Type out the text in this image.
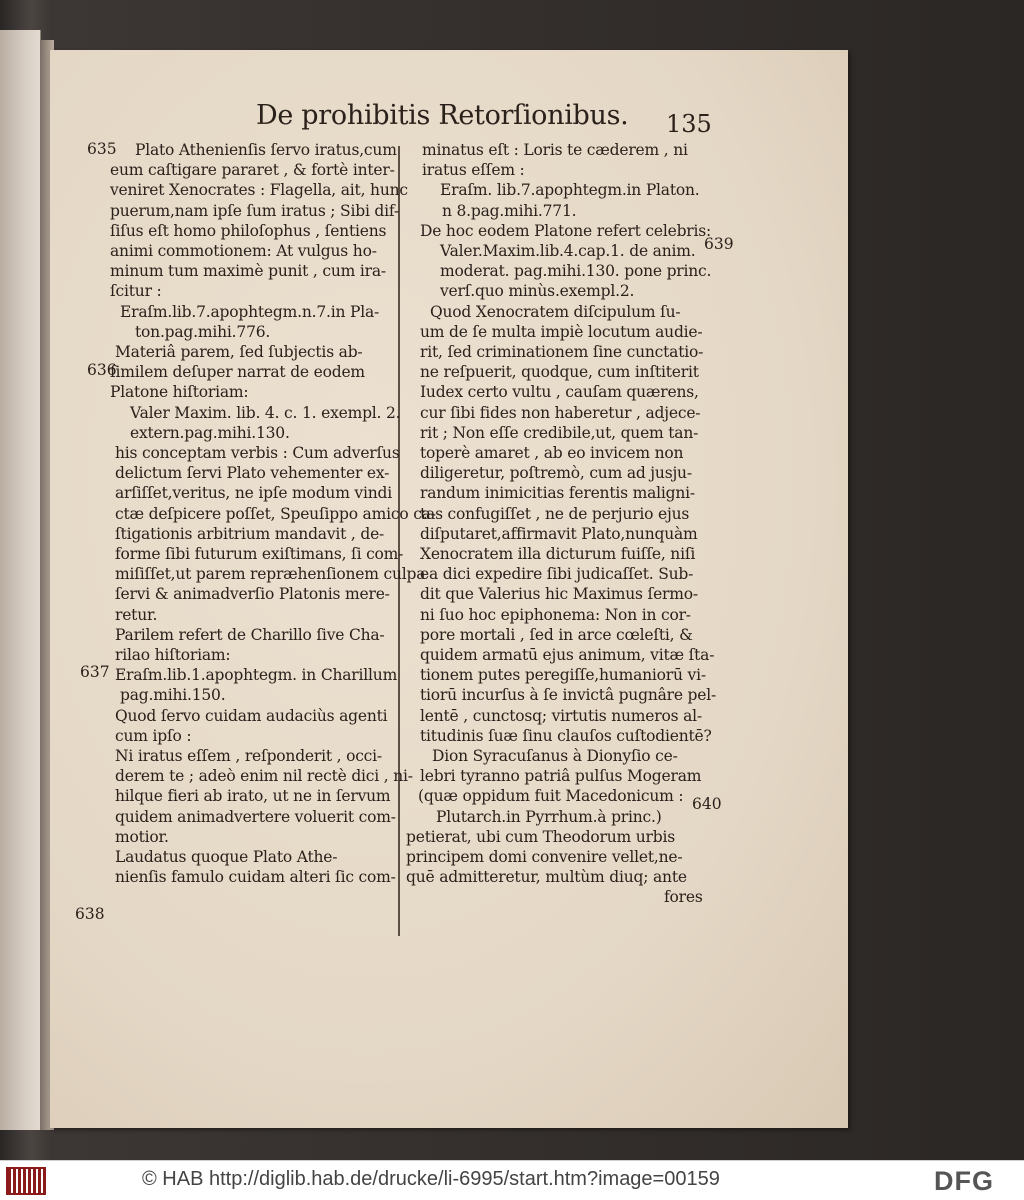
De prohibitis Retorſionibus. 135
635
636
637
638
Plato Athenienſis ſervo iratus,cum
eum caſtigare pararet , & fortè inter-
veniret Xenocrates : Flagella, ait, hunc
puerum,nam ipſe ſum iratus ; Sibi dif-
ſiſus eſt homo philoſophus , ſentiens
animi commotionem: At vulgus ho-
minum tum maximè punit , cum ira-
ſcitur :
Eraſm.lib.7.apophtegm.n.7.in Pla-
ton.pag.mihi.776.
Materiâ parem, ſed ſubjectis ab-
ſimilem deſuper narrat de eodem
Platone hiſtoriam:
Valer Maxim. lib. 4. c. 1. exempl. 2.
extern.pag.mihi.130.
his conceptam verbis : Cum adverſus
delictum ſervi Plato vehementer ex-
arſiſſet,veritus, ne ipſe modum vindi
ctæ deſpicere poſſet, Speuſippo amico ca-
ſtigationis arbitrium mandavit , de-
forme ſibi futurum exiſtimans, ſi com-
miſiſſet,ut parem repræhenſionem culpa
ſervi & animadverſio Platonis mere-
retur.
Parilem refert de Charillo ſive Cha-
rilao hiſtoriam:
Eraſm.lib.1.apophtegm. in Charillum
pag.mihi.150.
Quod ſervo cuidam audaciùs agenti
cum ipſo :
Ni iratus eſſem , reſponderit , occi-
derem te ; adeò enim nil rectè dici , ni-
hilque fieri ab irato, ut ne in ſervum
quidem animadvertere voluerit com-
motior.
Laudatus quoque Plato Athe-
nienſis famulo cuidam alteri ſic com-
639
640
minatus eſt : Loris te cæderem , ni
iratus eſſem :
Eraſm. lib.7.apophtegm.in Platon.
n 8.pag.mihi.771.
De hoc eodem Platone refert celebris:
Valer.Maxim.lib.4.cap.1. de anim.
moderat. pag.mihi.130. pone princ.
verſ.quo minùs.exempl.2.
Quod Xenocratem diſcipulum ſu-
um de ſe multa impiè locutum audie-
rit, ſed criminationem ſine cunctatio-
ne reſpuerit, quodque, cum inſtiterit
Iudex certo vultu , cauſam quærens,
cur ſibi fides non haberetur , adjece-
rit ; Non eſſe credibile,ut, quem tan-
toperè amaret , ab eo invicem non
diligeretur, poſtremò, cum ad jusju-
randum inimicitias ferentis maligni-
tas confugiſſet , ne de perjurio ejus
diſputaret,affirmavit Plato,nunquàm
Xenocratem illa dicturum fuiſſe, niſi
ea dici expedire ſibi judicaſſet. Sub-
dit que Valerius hic Maximus ſermo-
ni ſuo hoc epiphonema: Non in cor-
pore mortali , ſed in arce cœleſti, &
quidem armatū ejus animum, vitæ ſta-
tionem putes peregiſſe,humaniorū vi-
tiorū incurſus à ſe invictâ pugnâre pel-
lentē , cunctosq; virtutis numeros al-
titudinis ſuæ ſinu clauſos cuſtodientē?
Dion Syracuſanus à Dionyſio ce-
lebri tyranno patriâ pulſus Mogeram
(quæ oppidum fuit Macedonicum :
Plutarch.in Pyrrhum.à princ.)
petierat, ubi cum Theodorum urbis
principem domi convenire vellet,ne-
quē admitteretur, multùm diuq; ante
fores
© HAB http://diglib.hab.de/drucke/li-6995/start.htm?image=00159	DFG
